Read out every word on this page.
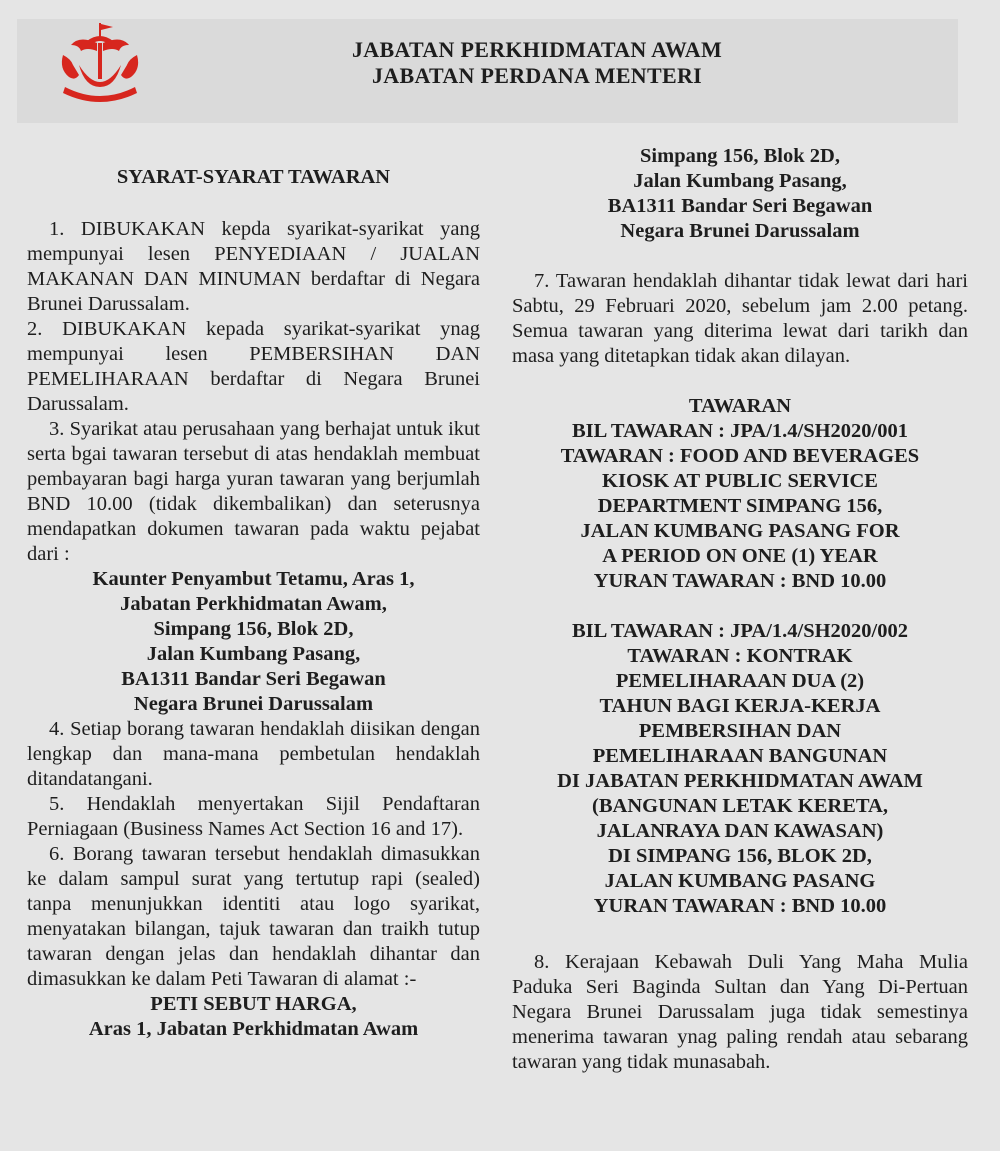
JABATAN PERKHIDMATAN AWAM
JABATAN PERDANA MENTERI

SYARAT-SYARAT TAWARAN

1. DIBUKAKAN kepda syarikat-syarikat yang mempunyai lesen PENYEDIAAN / JUALAN MAKANAN DAN MINUMAN berdaftar di Negara Brunei Darussalam.

2. DIBUKAKAN kepada syarikat-syarikat ynag mempunyai lesen PEMBERSIHAN DAN PEMELIHARAAN berdaftar di Negara Brunei Darussalam.

3. Syarikat atau perusahaan yang berhajat untuk ikut serta bgai tawaran tersebut di atas hendaklah membuat pembayaran bagi harga yuran tawaran yang berjumlah BND 10.00 (tidak dikembalikan) dan seterusnya mendapatkan dokumen tawaran pada waktu pejabat dari :

Kaunter Penyambut Tetamu, Aras 1,
Jabatan Perkhidmatan Awam,
Simpang 156, Blok 2D,
Jalan Kumbang Pasang,
BA1311 Bandar Seri Begawan
Negara Brunei Darussalam

4. Setiap borang tawaran hendaklah diisikan dengan lengkap dan mana-mana pembetulan hendaklah ditandatangani.

5. Hendaklah menyertakan Sijil Pendaftaran Perniagaan (Business Names Act Section 16 and 17).

6. Borang tawaran tersebut hendaklah dimasukkan ke dalam sampul surat yang tertutup rapi (sealed) tanpa menunjukkan identiti atau logo syarikat, menyatakan bilangan, tajuk tawaran dan traikh tutup tawaran dengan jelas dan hendaklah dihantar dan dimasukkan ke dalam Peti Tawaran di alamat :-

PETI SEBUT HARGA,
Aras 1, Jabatan Perkhidmatan Awam
Simpang 156, Blok 2D,
Jalan Kumbang Pasang,
BA1311 Bandar Seri Begawan
Negara Brunei Darussalam

7. Tawaran hendaklah dihantar tidak lewat dari hari Sabtu, 29 Februari 2020, sebelum jam 2.00 petang. Semua tawaran yang diterima lewat dari tarikh dan masa yang ditetapkan tidak akan dilayan.

TAWARAN
BIL TAWARAN : JPA/1.4/SH2020/001
TAWARAN : FOOD AND BEVERAGES
KIOSK AT PUBLIC SERVICE
DEPARTMENT SIMPANG 156,
JALAN KUMBANG PASANG FOR
A PERIOD ON ONE (1) YEAR
YURAN TAWARAN : BND 10.00
BIL TAWARAN : JPA/1.4/SH2020/002
TAWARAN : KONTRAK
PEMELIHARAAN DUA (2)
TAHUN BAGI KERJA-KERJA
PEMBERSIHAN DAN
PEMELIHARAAN BANGUNAN
DI JABATAN PERKHIDMATAN AWAM
(BANGUNAN LETAK KERETA,
JALANRAYA DAN KAWASAN)
DI SIMPANG 156, BLOK 2D,
JALAN KUMBANG PASANG
YURAN TAWARAN : BND 10.00

8. Kerajaan Kebawah Duli Yang Maha Mulia Paduka Seri Baginda Sultan dan Yang Di-Pertuan Negara Brunei Darussalam juga tidak semestinya menerima tawaran ynag paling rendah atau sebarang tawaran yang tidak munasabah.
